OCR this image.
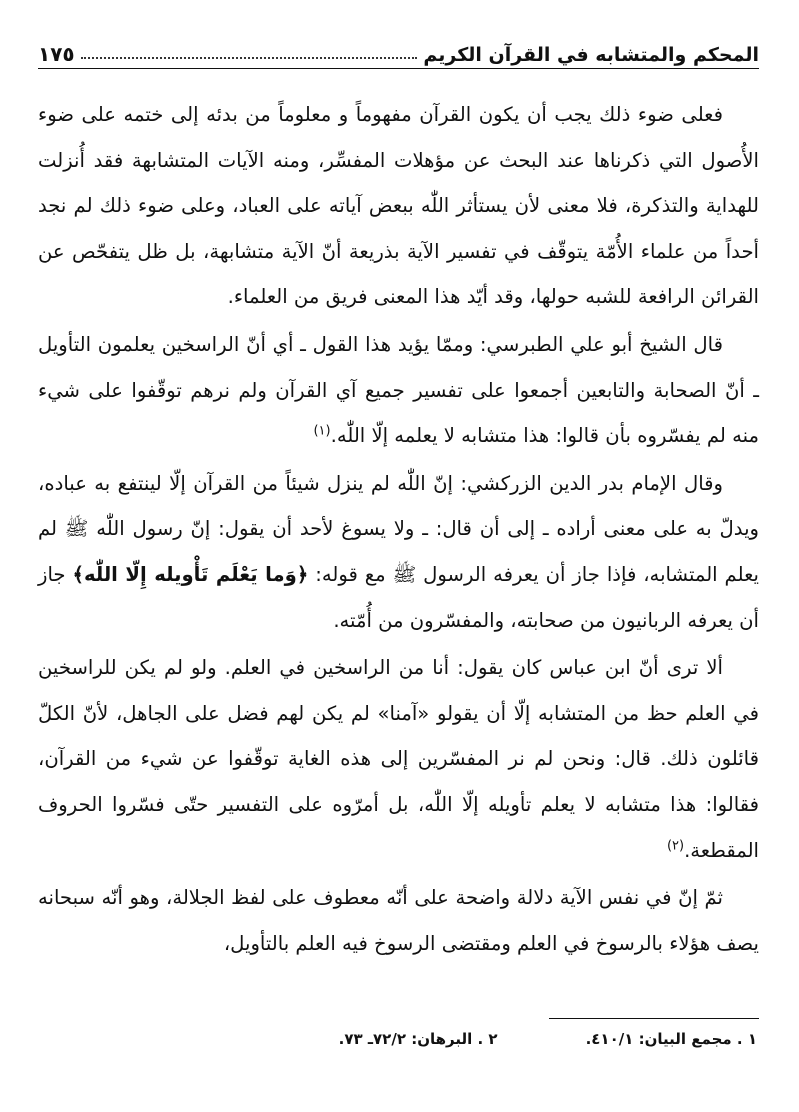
المحكم والمتشابه في القرآن الكريم
١٧٥

فعلى ضوء ذلك يجب أن يكون القرآن مفهوماً و معلوماً من بدئه إلى ختمه على ضوء الأُصول التي ذكرناها عند البحث عن مؤهلات المفسِّر، ومنه الآيات المتشابهة فقد أُنزلت للهداية والتذكرة، فلا معنى لأن يستأثر اللّٰه ببعض آياته على العباد، وعلى ضوء ذلك لم نجد أحداً من علماء الأُمّة يتوقّف في تفسير الآية بذريعة أنّ الآية متشابهة، بل ظل يتفحّص عن القرائن الرافعة للشبه حولها، وقد أيّد هذا المعنى فريق من العلماء.

قال الشيخ أبو علي الطبرسي: وممّا يؤيد هذا القول ـ أي أنّ الراسخين يعلمون التأويل ـ أنّ الصحابة والتابعين أجمعوا على تفسير جميع آي القرآن ولم نرهم توقّفوا على شيء منه لم يفسّروه بأن قالوا: هذا متشابه لا يعلمه إلّا اللّٰه.$^{(١)}$

وقال الإمام بدر الدين الزركشي: إنّ اللّٰه لم ينزل شيئاً من القرآن إلّا لينتفع به عباده، ويدلّ به على معنى أراده ـ إلى أن قال: ـ ولا يسوغ لأحد أن يقول: إنّ رسول اللّٰه ﷺ لم يعلم المتشابه، فإذا جاز أن يعرفه الرسول ﷺ مع قوله: ﴿وَما يَعْلَم تَأْويله إِلّا اللّٰه﴾ جاز أن يعرفه الربانيون من صحابته، والمفسّرون من أُمّته.

ألا ترى أنّ ابن عباس كان يقول: أنا من الراسخين في العلم. ولو لم يكن للراسخين في العلم حظ من المتشابه إلّا أن يقولو «آمنا» لم يكن لهم فضل على الجاهل، لأنّ الكلّ قائلون ذلك. قال: ونحن لم نر المفسّرين إلى هذه الغاية توقّفوا عن شيء من القرآن، فقالوا: هذا متشابه لا يعلم تأويله إلّا اللّٰه، بل أمرّوه على التفسير حتّى فسّروا الحروف المقطعة.$^{(٢)}$

ثمّ إنّ في نفس الآية دلالة واضحة على أنّه معطوف على لفظ الجلالة، وهو أنّه سبحانه يصف هؤلاء بالرسوخ في العلم ومقتضى الرسوخ فيه العلم بالتأويل،

١ . مجمع البيان: ٤١٠/١.
٢ . البرهان: ٧٢/٢ـ ٧٣.
